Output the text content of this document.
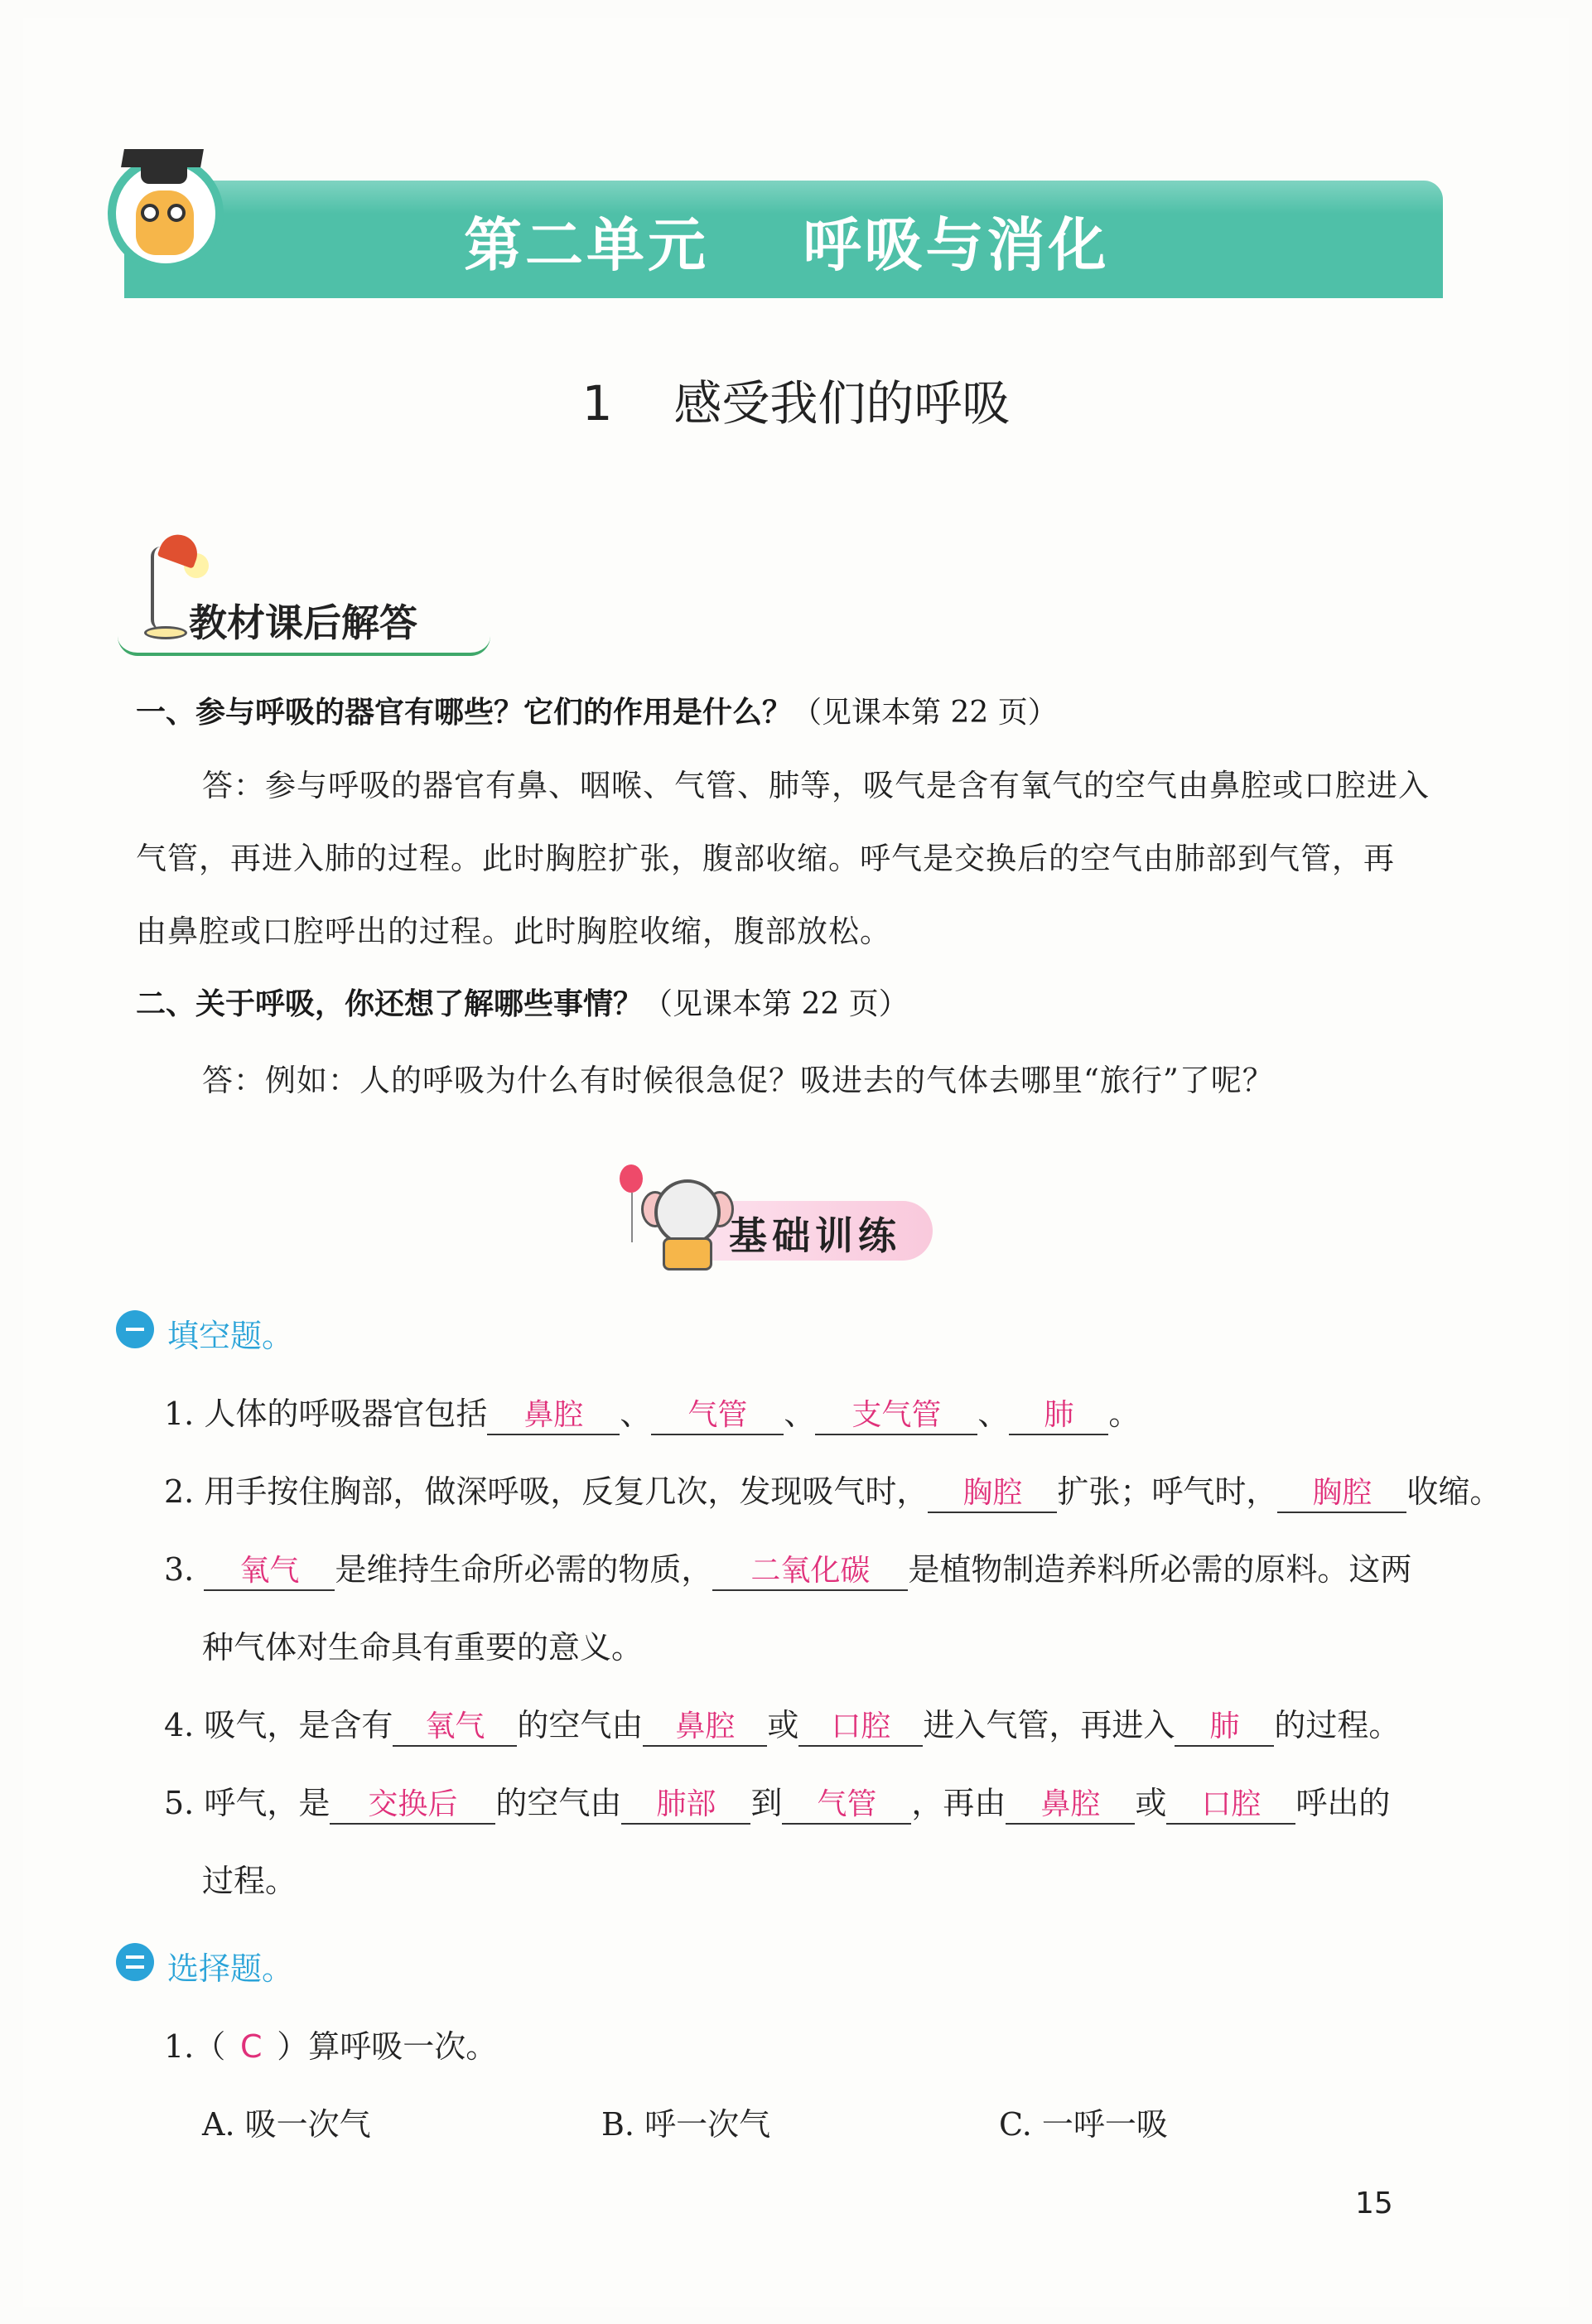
第二单元    呼吸与消化
1    感受我们的呼吸
教材课后解答
一、参与呼吸的器官有哪些？它们的作用是什么？（见课本第 22 页）
答：参与呼吸的器官有鼻、咽喉、气管、肺等，吸气是含有氧气的空气由鼻腔或口腔进入
气管，再进入肺的过程。此时胸腔扩张，腹部收缩。呼气是交换后的空气由肺部到气管，再
由鼻腔或口腔呼出的过程。此时胸腔收缩，腹部放松。
二、关于呼吸，你还想了解哪些事情？（见课本第 22 页）
答：例如：人的呼吸为什么有时候很急促？吸进去的气体去哪里“旅行”了呢？
基础训练
填空题。
1. 人体的呼吸器官包括 鼻腔 、 气管 、 支气管 、 肺 。
2. 用手按住胸部，做深呼吸，反复几次，发现吸气时， 胸腔 扩张；呼气时， 胸腔 收缩。
3. 氧气 是维持生命所必需的物质， 二氧化碳 是植物制造养料所必需的原料。这两
种气体对生命具有重要的意义。
4. 吸气，是含有 氧气 的空气由 鼻腔 或 口腔 进入气管，再进入 肺 的过程。
5. 呼气，是 交换后 的空气由 肺部 到 气管 ，再由 鼻腔 或 口腔 呼出的
过程。
选择题。
1.（ C ）算呼吸一次。
A. 吸一次气	B. 呼一次气	C. 一呼一吸
15
